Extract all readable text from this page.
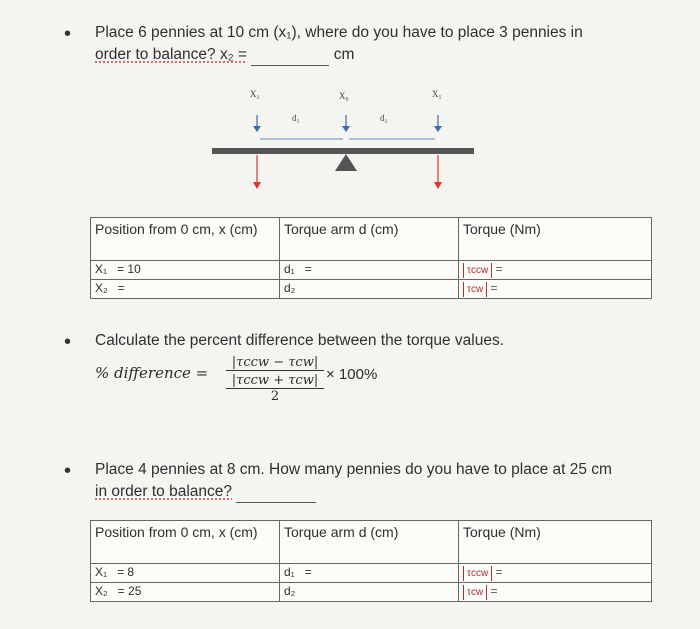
• Place 6 pennies at 10 cm (x₁), where do you have to place 3 pennies in
order to balance? x₂ =	cm
X₂	X₀	X₁
d₁	d₂
Position from 0 cm, x (cm)	Torque arm d (cm)	Torque (Nm)
X₁ = 10	d₁ =	τccw =
X₂ =	d₂	τcw =
• Calculate the percent difference between the torque values.
% difference =
|τccw − τcw|
|τccw + τcw|
2
× 100%
• Place 4 pennies at 8 cm. How many pennies do you have to place at 25 cm
in order to balance?
Position from 0 cm, x (cm)	Torque arm d (cm)	Torque (Nm)
X₁ = 8	d₁ =	τccw =
X₂ = 25	d₂	τcw =
